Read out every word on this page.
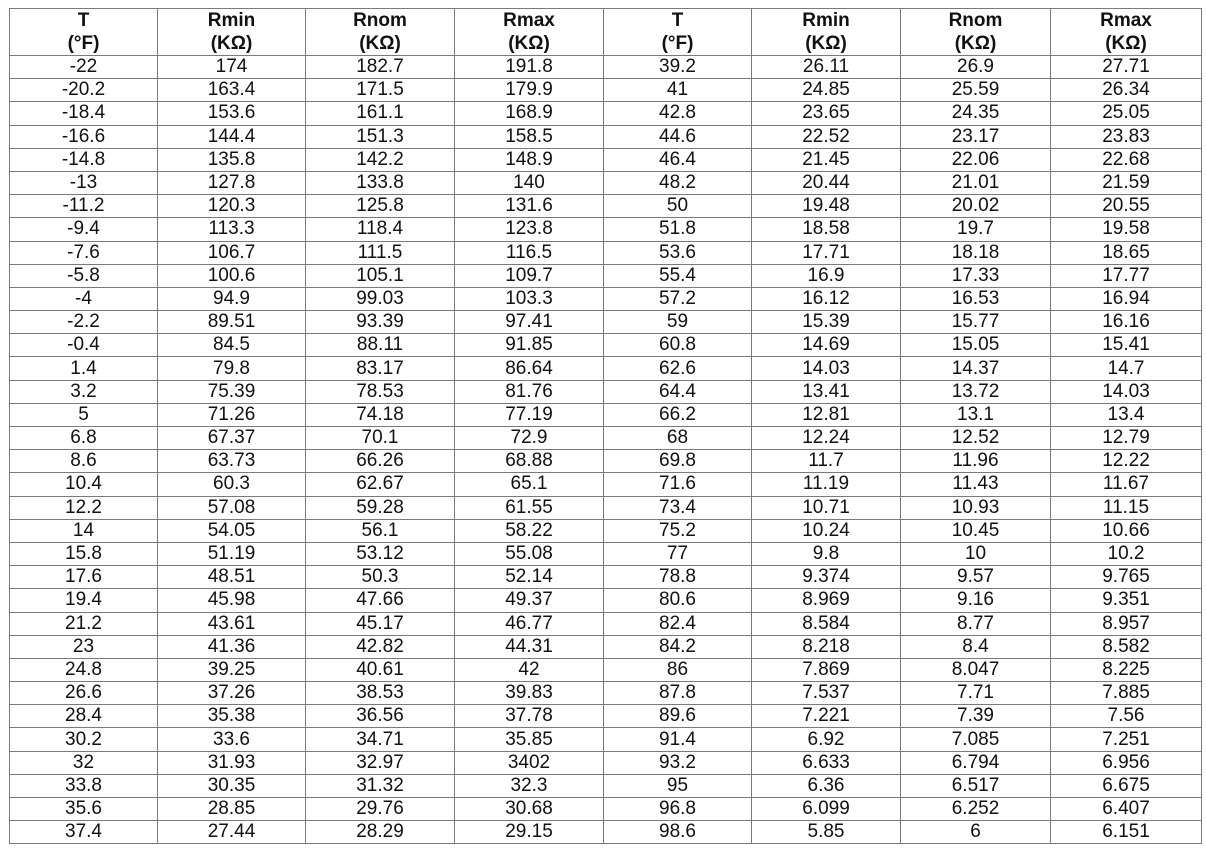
T	Rmin	Rnom	Rmax	T	Rmin	Rnom	Rmax
(°F)	(KΩ)	(KΩ)	(KΩ)	(°F)	(KΩ)	(KΩ)	(KΩ)
-22	174	182.7	191.8	39.2	26.11	26.9	27.71
-20.2	163.4	171.5	179.9	41	24.85	25.59	26.34
-18.4	153.6	161.1	168.9	42.8	23.65	24.35	25.05
-16.6	144.4	151.3	158.5	44.6	22.52	23.17	23.83
-14.8	135.8	142.2	148.9	46.4	21.45	22.06	22.68
-13	127.8	133.8	140	48.2	20.44	21.01	21.59
-11.2	120.3	125.8	131.6	50	19.48	20.02	20.55
-9.4	113.3	118.4	123.8	51.8	18.58	19.7	19.58
-7.6	106.7	111.5	116.5	53.6	17.71	18.18	18.65
-5.8	100.6	105.1	109.7	55.4	16.9	17.33	17.77
-4	94.9	99.03	103.3	57.2	16.12	16.53	16.94
-2.2	89.51	93.39	97.41	59	15.39	15.77	16.16
-0.4	84.5	88.11	91.85	60.8	14.69	15.05	15.41
1.4	79.8	83.17	86.64	62.6	14.03	14.37	14.7
3.2	75.39	78.53	81.76	64.4	13.41	13.72	14.03
5	71.26	74.18	77.19	66.2	12.81	13.1	13.4
6.8	67.37	70.1	72.9	68	12.24	12.52	12.79
8.6	63.73	66.26	68.88	69.8	11.7	11.96	12.22
10.4	60.3	62.67	65.1	71.6	11.19	11.43	11.67
12.2	57.08	59.28	61.55	73.4	10.71	10.93	11.15
14	54.05	56.1	58.22	75.2	10.24	10.45	10.66
15.8	51.19	53.12	55.08	77	9.8	10	10.2
17.6	48.51	50.3	52.14	78.8	9.374	9.57	9.765
19.4	45.98	47.66	49.37	80.6	8.969	9.16	9.351
21.2	43.61	45.17	46.77	82.4	8.584	8.77	8.957
23	41.36	42.82	44.31	84.2	8.218	8.4	8.582
24.8	39.25	40.61	42	86	7.869	8.047	8.225
26.6	37.26	38.53	39.83	87.8	7.537	7.71	7.885
28.4	35.38	36.56	37.78	89.6	7.221	7.39	7.56
30.2	33.6	34.71	35.85	91.4	6.92	7.085	7.251
32	31.93	32.97	3402	93.2	6.633	6.794	6.956
33.8	30.35	31.32	32.3	95	6.36	6.517	6.675
35.6	28.85	29.76	30.68	96.8	6.099	6.252	6.407
37.4	27.44	28.29	29.15	98.6	5.85	6	6.151
